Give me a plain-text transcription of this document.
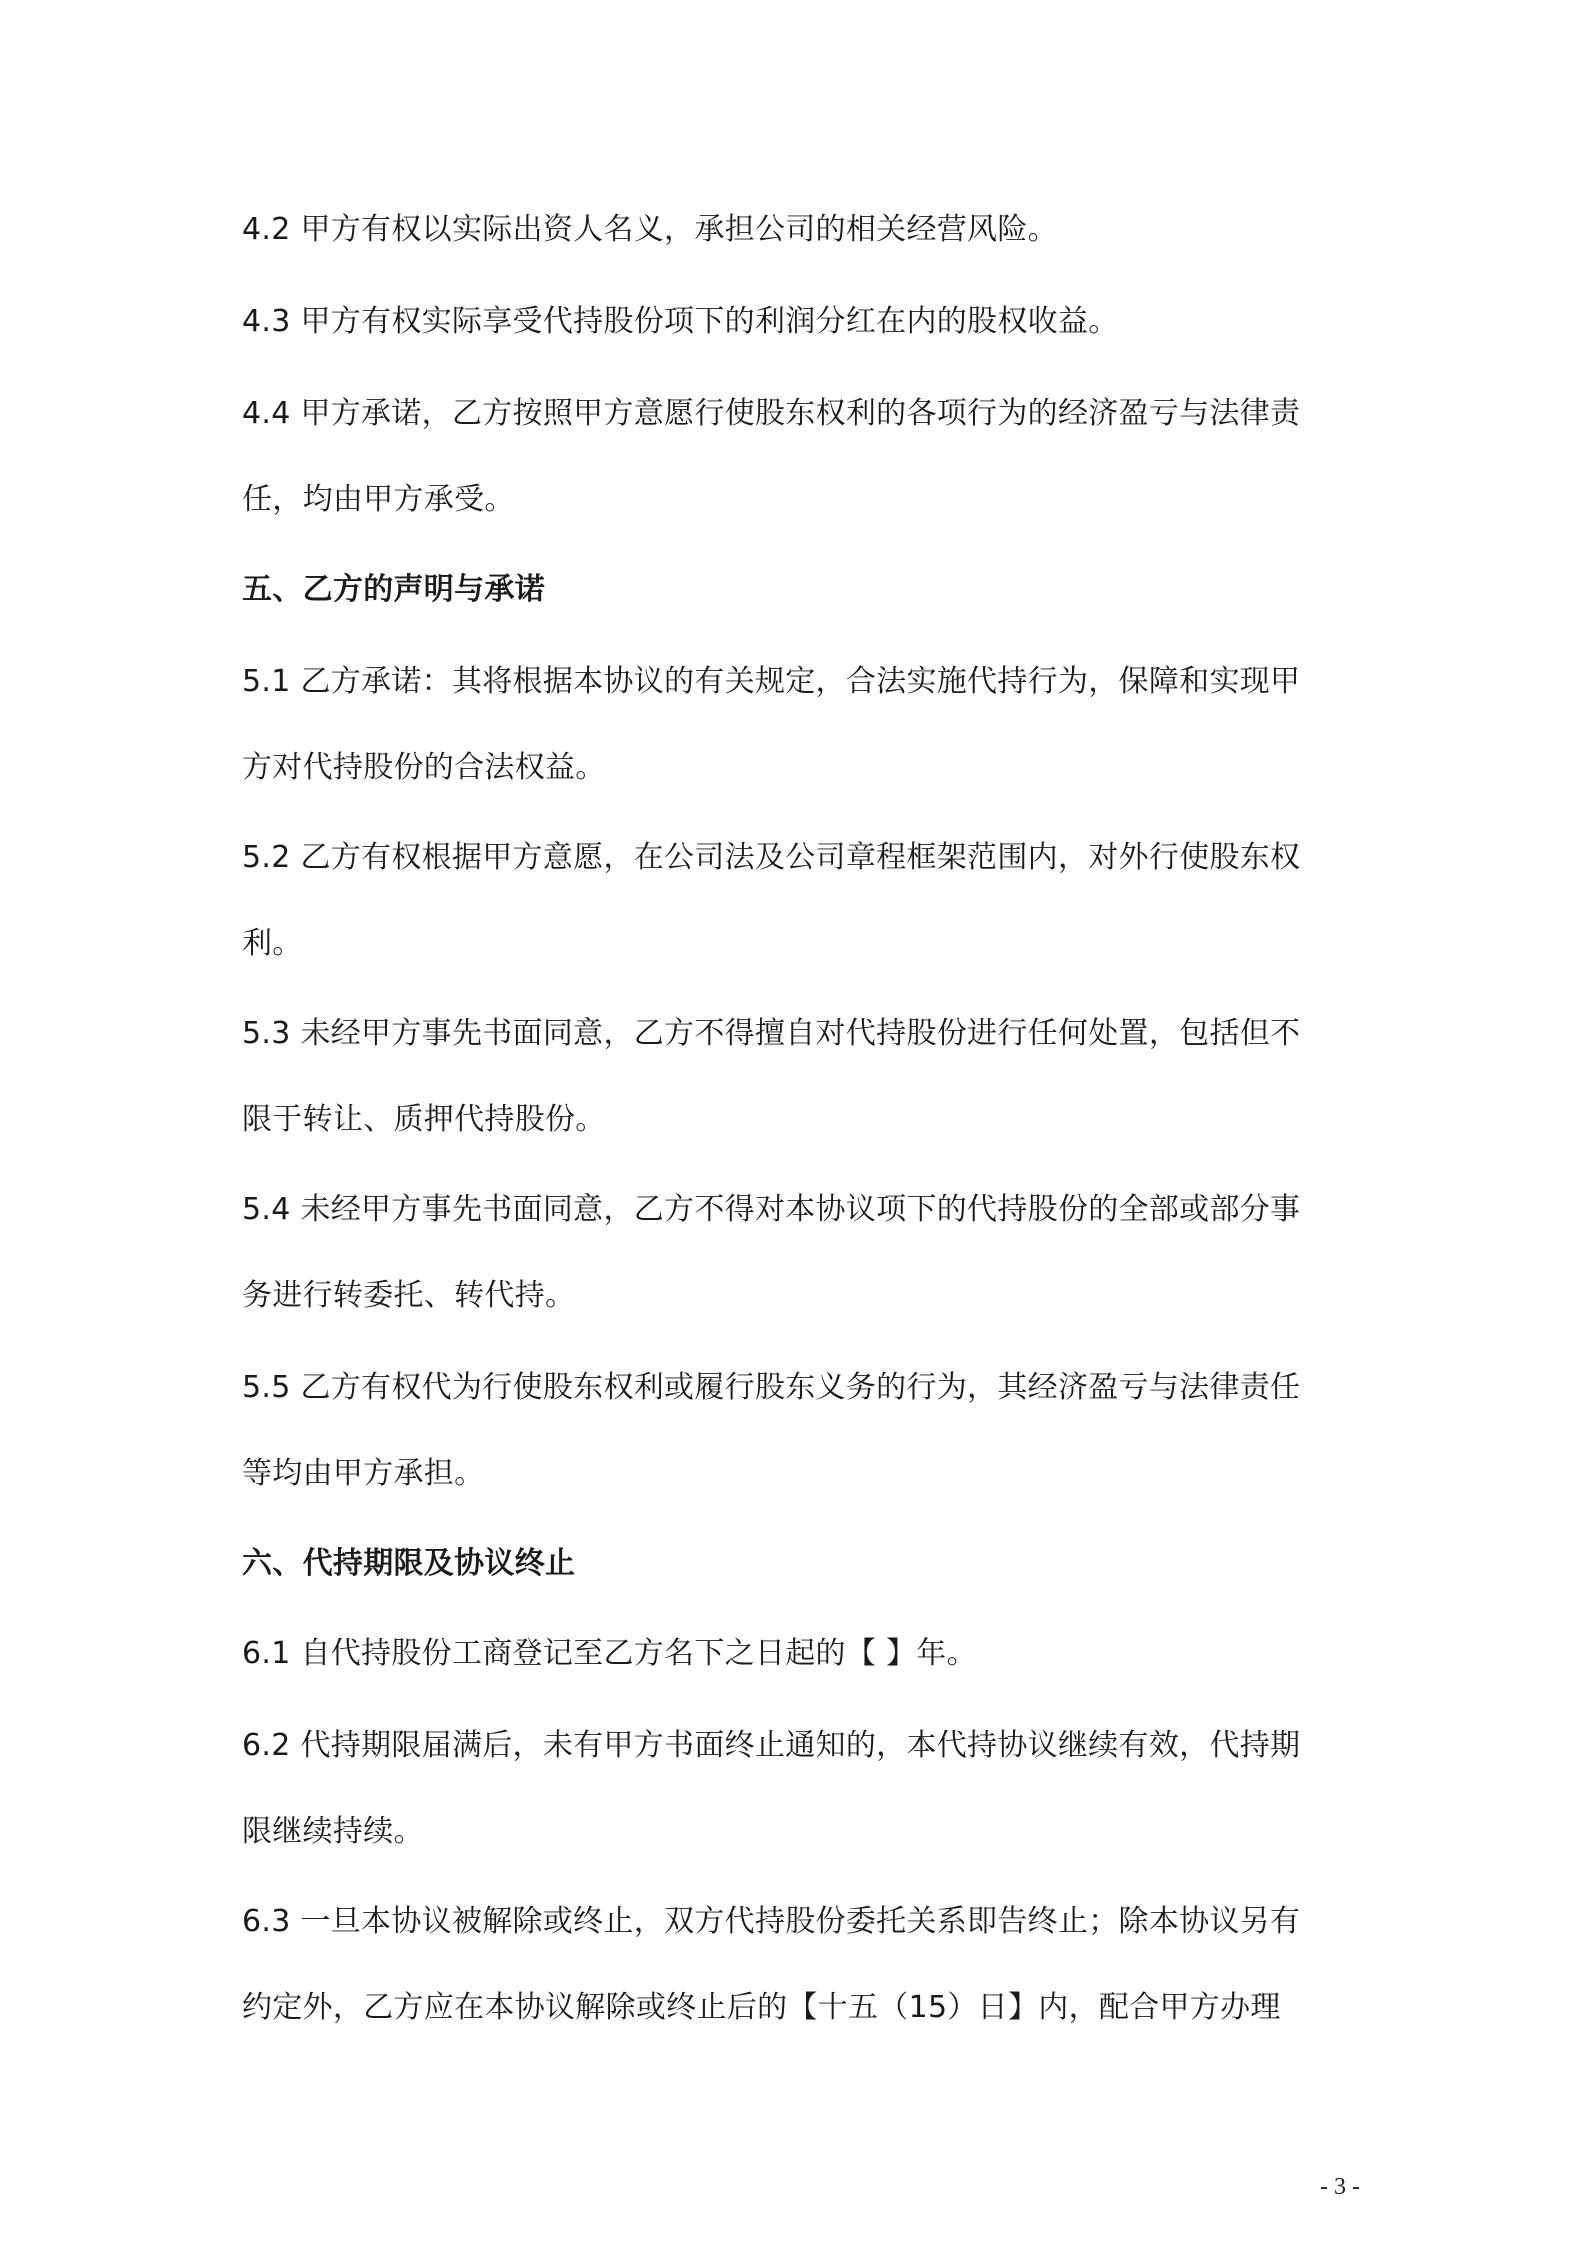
4.2 甲方有权以实际出资人名义，承担公司的相关经营风险。
4.3 甲方有权实际享受代持股份项下的利润分红在内的股权收益。
4.4 甲方承诺，乙方按照甲方意愿行使股东权利的各项行为的经济盈亏与法律责
任，均由甲方承受。
五、乙方的声明与承诺
5.1 乙方承诺：其将根据本协议的有关规定，合法实施代持行为，保障和实现甲
方对代持股份的合法权益。
5.2 乙方有权根据甲方意愿，在公司法及公司章程框架范围内，对外行使股东权
利。
5.3 未经甲方事先书面同意，乙方不得擅自对代持股份进行任何处置，包括但不
限于转让、质押代持股份。
5.4 未经甲方事先书面同意，乙方不得对本协议项下的代持股份的全部或部分事
务进行转委托、转代持。
5.5 乙方有权代为行使股东权利或履行股东义务的行为，其经济盈亏与法律责任
等均由甲方承担。
六、代持期限及协议终止
6.1 自代持股份工商登记至乙方名下之日起的【 】年。
6.2 代持期限届满后，未有甲方书面终止通知的，本代持协议继续有效，代持期
限继续持续。
6.3 一旦本协议被解除或终止，双方代持股份委托关系即告终止；除本协议另有
约定外，乙方应在本协议解除或终止后的【十五（15）日】内，配合甲方办理
- 3 -
